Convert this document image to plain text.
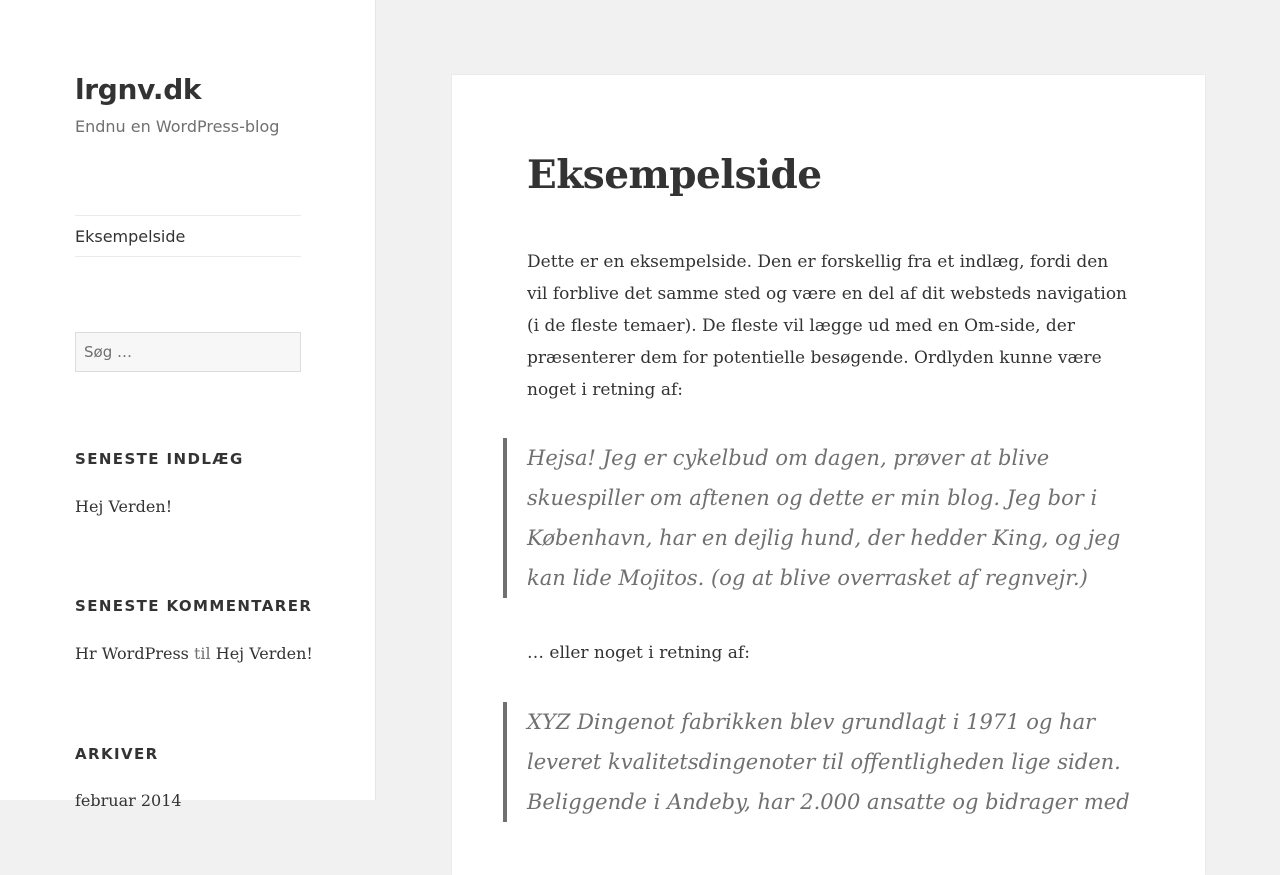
lrgnv.dk
Endnu en WordPress-blog
Eksempelside
Søg …
SENESTE INDLÆG
Hej Verden!
SENESTE KOMMENTARER
Hr WordPress til Hej Verden!
ARKIVER
februar 2014
Eksempelside

Dette er en eksempelside. Den er forskellig fra et indlæg, fordi den vil forblive det samme sted og være en del af dit websteds navigation (i de fleste temaer). De fleste vil lægge ud med en Om-side, der præsenterer dem for potentielle besøgende. Ordlyden kunne være noget i retning af:

Hejsa! Jeg er cykelbud om dagen, prøver at blive skuespiller om aftenen og dette er min blog. Jeg bor i København, har en dejlig hund, der hedder King, og jeg kan lide Mojitos. (og at blive overrasket af regnvejr.)

… eller noget i retning af:

XYZ Dingenot fabrikken blev grundlagt i 1971 og har leveret kvalitetsdingenoter til offentligheden lige siden. Beliggende i Andeby, har 2.000 ansatte og bidrager med
